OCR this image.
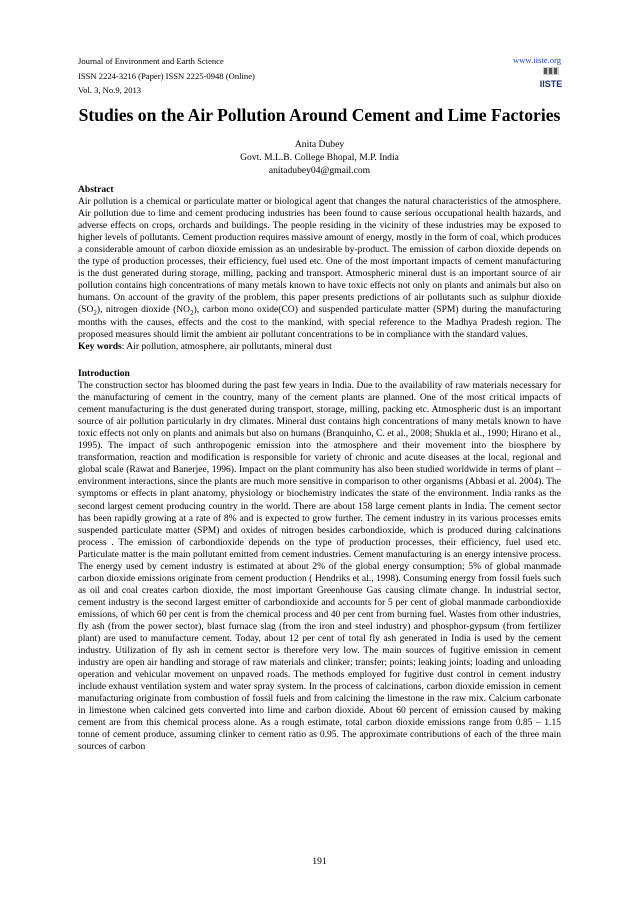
Journal of Environment and Earth Science
ISSN 2224-3216 (Paper) ISSN 2225-0948 (Online)
Vol. 3, No.9, 2013
www.iiste.org
IISTE
Studies on the Air Pollution Around Cement and Lime Factories
Anita Dubey
Govt. M.L.B. College Bhopal, M.P. India
anitadubey04@gmail.com

Abstract

Air pollution is a chemical or particulate matter or biological agent that changes the natural characteristics of the atmosphere. Air pollution due to lime and cement producing industries has been found to cause serious occupational health hazards, and adverse effects on crops, orchards and buildings. The people residing in the vicinity of these industries may be exposed to higher levels of pollutants. Cement production requires massive amount of energy, mostly in the form of coal, which produces a considerable amount of carbon dioxide emission as an undesirable by-product. The emission of carbon dioxide depends on the type of production processes, their efficiency, fuel used etc. One of the most important impacts of cement manufacturing is the dust generated during storage, milling, packing and transport. Atmospheric mineral dust is an important source of air pollution contains high concentrations of many metals known to have toxic effects not only on plants and animals but also on humans. On account of the gravity of the problem, this paper presents predictions of air pollutants such as sulphur dioxide $(SO_2)$, nitrogen dioxide $(NO_2)$, carbon mono oxide(CO) and suspended particulate matter (SPM) during the manufacturing months with the causes, effects and the cost to the mankind, with special reference to the Madhya Pradesh region. The proposed measures should limit the ambient air pollutant concentrations to be in compliance with the standard values.

Key words: Air pollution, atmosphere, air pollutants, mineral dust

Introduction

The construction sector has bloomed during the past few years in India. Due to the availability of raw materials necessary for the manufacturing of cement in the country, many of the cement plants are planned. One of the most critical impacts of cement manufacturing is the dust generated during transport, storage, milling, packing etc. Atmospheric dust is an important source of air pollution particularly in dry climates. Mineral dust contains high concentrations of many metals known to have toxic effects not only on plants and animals but also on humans (Branquinho, C. et al., 2008; Shukla et al., 1990; Hirano et al., 1995). The impact of such anthropogenic emission into the atmosphere and their movement into the biosphere by transformation, reaction and modification is responsible for variety of chronic and acute diseases at the local, regional and global scale (Rawat and Banerjee, 1996). Impact on the plant community has also been studied worldwide in terms of plant – environment interactions, since the plants are much more sensitive in comparison to other organisms (Abbasi et al. 2004). The symptoms or effects in plant anatomy, physiology or biochemistry indicates the state of the environment. India ranks as the second largest cement producing country in the world. There are about 158 large cement plants in India. The cement sector has been rapidly growing at a rate of 8% and is expected to grow further. The cement industry in its various processes emits suspended particulate matter (SPM) and oxides of nitrogen besides carbondioxide, which is produced during calcinations process . The emission of carbondioxide depends on the type of production processes, their efficiency, fuel used etc. Particulate matter is the main pollutant emitted from cement industries. Cement manufacturing is an energy intensive process. The energy used by cement industry is estimated at about 2% of the global energy consumption; 5% of global manmade carbon dioxide emissions originate from cement production ( Hendriks et al., 1998). Consuming energy from fossil fuels such as oil and coal creates carbon dioxide, the most important Greenhouse Gas causing climate change. In industrial sector, cement industry is the second largest emitter of carbondioxide and accounts for 5 per cent of global manmade carbondioxide emissions, of which 60 per cent is from the chemical process and 40 per cent from burning fuel. Wastes from other industries, fly ash (from the power sector), blast furnace slag (from the iron and steel industry) and phosphor-gypsum (from fertilizer plant) are used to manufacture cement. Today, about 12 per cent of total fly ash generated in India is used by the cement industry. Utilization of fly ash in cement sector is therefore very low. The main sources of fugitive emission in cement industry are open air handling and storage of raw materials and clinker; transfer; points; leaking joints; loading and unloading operation and vehicular movement on unpaved roads. The methods employed for fugitive dust control in cement industry include exhaust ventilation system and water spray system. In the process of calcinations, carbon dioxide emission in cement manufacturing originate from combustion of fossil fuels and from calcining the limestone in the raw mix. Calcium carbonate in limestone when calcined gets converted into lime and carbon dioxide. About 60 percent of emission caused by making cement are from this chemical process alone. As a rough estimate, total carbon dioxide emissions range from 0.85 – 1.15 tonne of cement produce, assuming clinker to cement ratio as 0.95. The approximate contributions of each of the three main sources of carbon

191
